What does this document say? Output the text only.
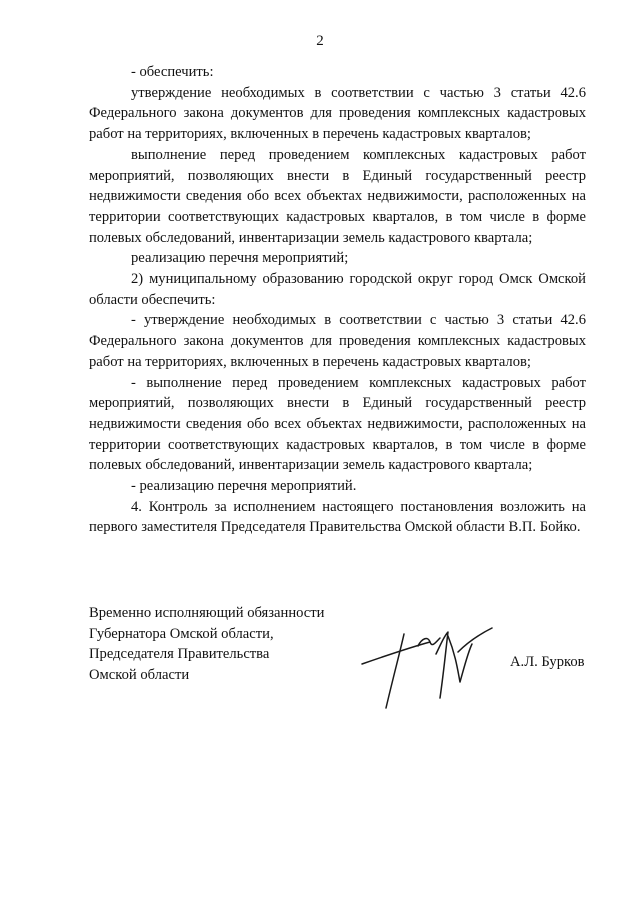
2

- обеспечить:

утверждение необходимых в соответствии с частью 3 статьи 42.6 Федерального закона документов для проведения комплексных кадастровых работ на территориях, включенных в перечень кадастровых кварталов;

выполнение перед проведением комплексных кадастровых работ мероприятий, позволяющих внести в Единый государственный реестр недвижимости сведения обо всех объектах недвижимости, расположенных на территории соответствующих кадастровых кварталов, в том числе в форме полевых обследований, инвентаризации земель кадастрового квартала;

реализацию перечня мероприятий;

2) муниципальному образованию городской округ город Омск Омской области обеспечить:

- утверждение необходимых в соответствии с частью 3 статьи 42.6 Федерального закона документов для проведения комплексных кадастровых работ на территориях, включенных в перечень кадастровых кварталов;

- выполнение перед проведением комплексных кадастровых работ мероприятий, позволяющих внести в Единый государственный реестр недвижимости сведения обо всех объектах недвижимости, расположенных на территории соответствующих кадастровых кварталов, в том числе в форме полевых обследований, инвентаризации земель кадастрового квартала;

- реализацию перечня мероприятий.

4. Контроль за исполнением настоящего постановления возложить на первого заместителя Председателя Правительства Омской области В.П. Бойко.

Временно исполняющий обязанности
Губернатора Омской области,
Председателя Правительства
Омской области
А.Л. Бурков
